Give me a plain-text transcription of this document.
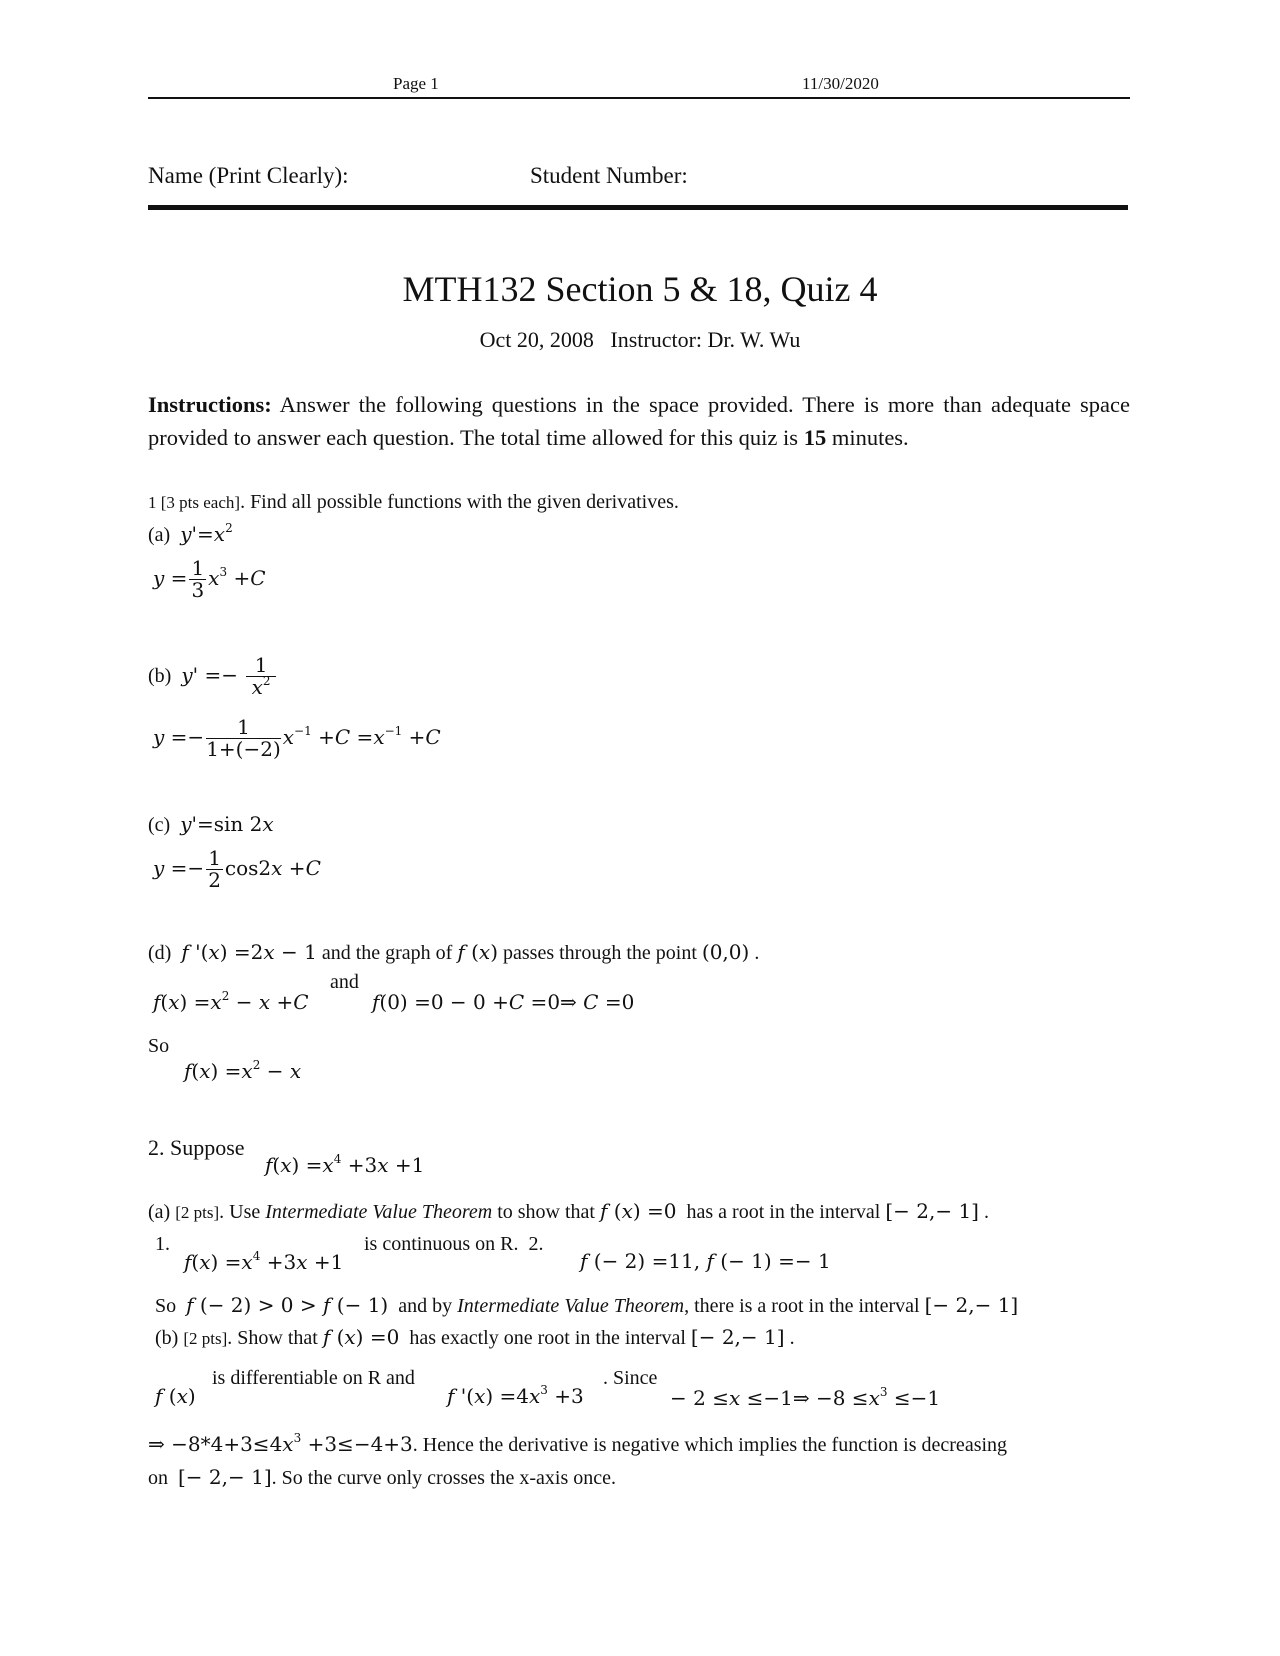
Page 1	11/30/2020
Name (Print Clearly):	Student Number:
MTH132 Section 5 & 18, Quiz 4
Oct 20, 2008   Instructor: Dr. W. Wu
Instructions: Answer the following questions in the space provided. There is more than adequate space provided to answer each question. The total time allowed for this quiz is 15 minutes.
1 [3 pts each]. Find all possible functions with the given derivatives.
(a) $y'=x^2$
$y = \frac{1}{3} x^3 +C$
(b) $y' =- \frac{1}{x^2}$
$y =- \frac{1}{1+(-2)} x^{-1} +C =x^{-1} +C$
(c) y'=sin 2x
$y =- \frac{1}{2} \cos 2x +C$
(d) f '(x) =2x − 1 and the graph of f (x) passes through the point (0,0) .
$f(x) =x^2 - x +C$
and
f(0) =0 − 0 +C =0⇒ C =0
So
$f(x) =x^2 - x$
2. Suppose
$f(x) =x^4 +3x +1$
(a) [2 pts]. Use Intermediate Value Theorem to show that f (x) =0 has a root in the interval [− 2,− 1] .
1.
$f(x) =x^4 +3x +1$
is continuous on R. 2.
f (− 2) =11, f (− 1) =− 1
So f (− 2) > 0 > f (− 1) and by Intermediate Value Theorem, there is a root in the interval [− 2,− 1]
(b) [2 pts]. Show that f (x) =0 has exactly one root in the interval [− 2,− 1] .
f (x)
is differentiable on R and
f '$(x) =4x^3 +3$
. Since
− 2 ≤x ≤−1⇒ $-8 \le x^3 \le-1$
⇒ $-8*4+3\le 4x^3 +3\le-4+3$. Hence the derivative is negative which implies the function is decreasing
on [− 2,− 1]. So the curve only crosses the x-axis once.
